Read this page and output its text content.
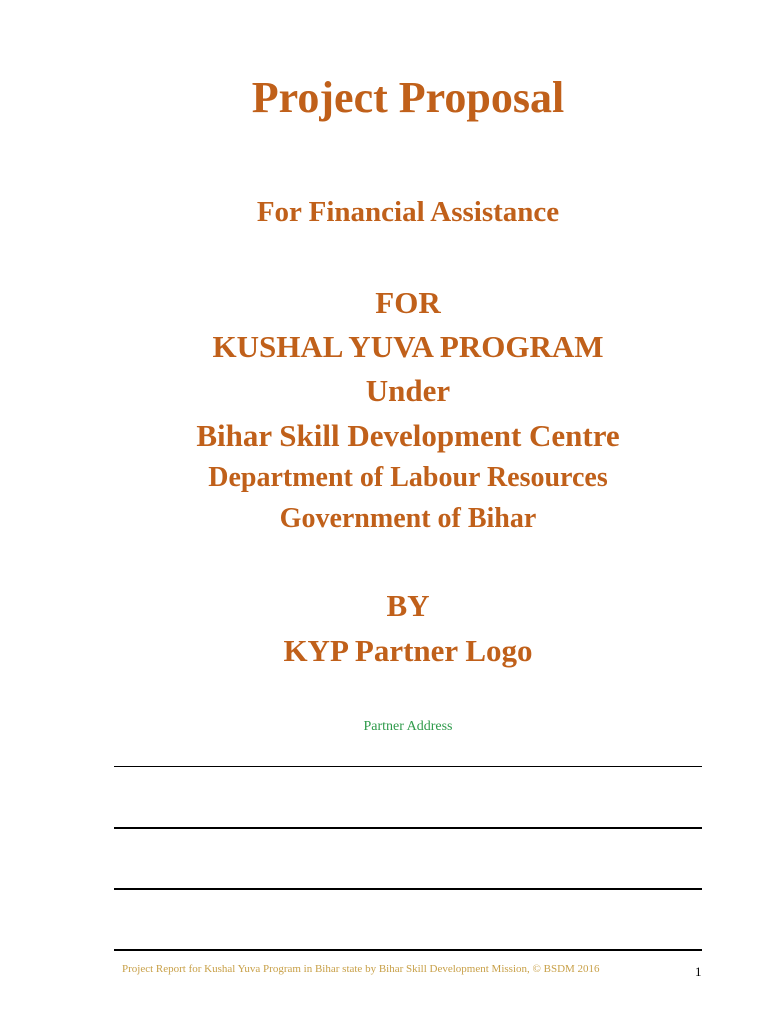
Project Proposal
For Financial Assistance
FOR
KUSHAL YUVA PROGRAM
Under
Bihar Skill Development Centre
Department of Labour Resources
Government of Bihar
BY
KYP Partner Logo
Partner Address
Project Report for Kushal Yuva Program in Bihar state by Bihar Skill Development Mission, © BSDM 2016	1
